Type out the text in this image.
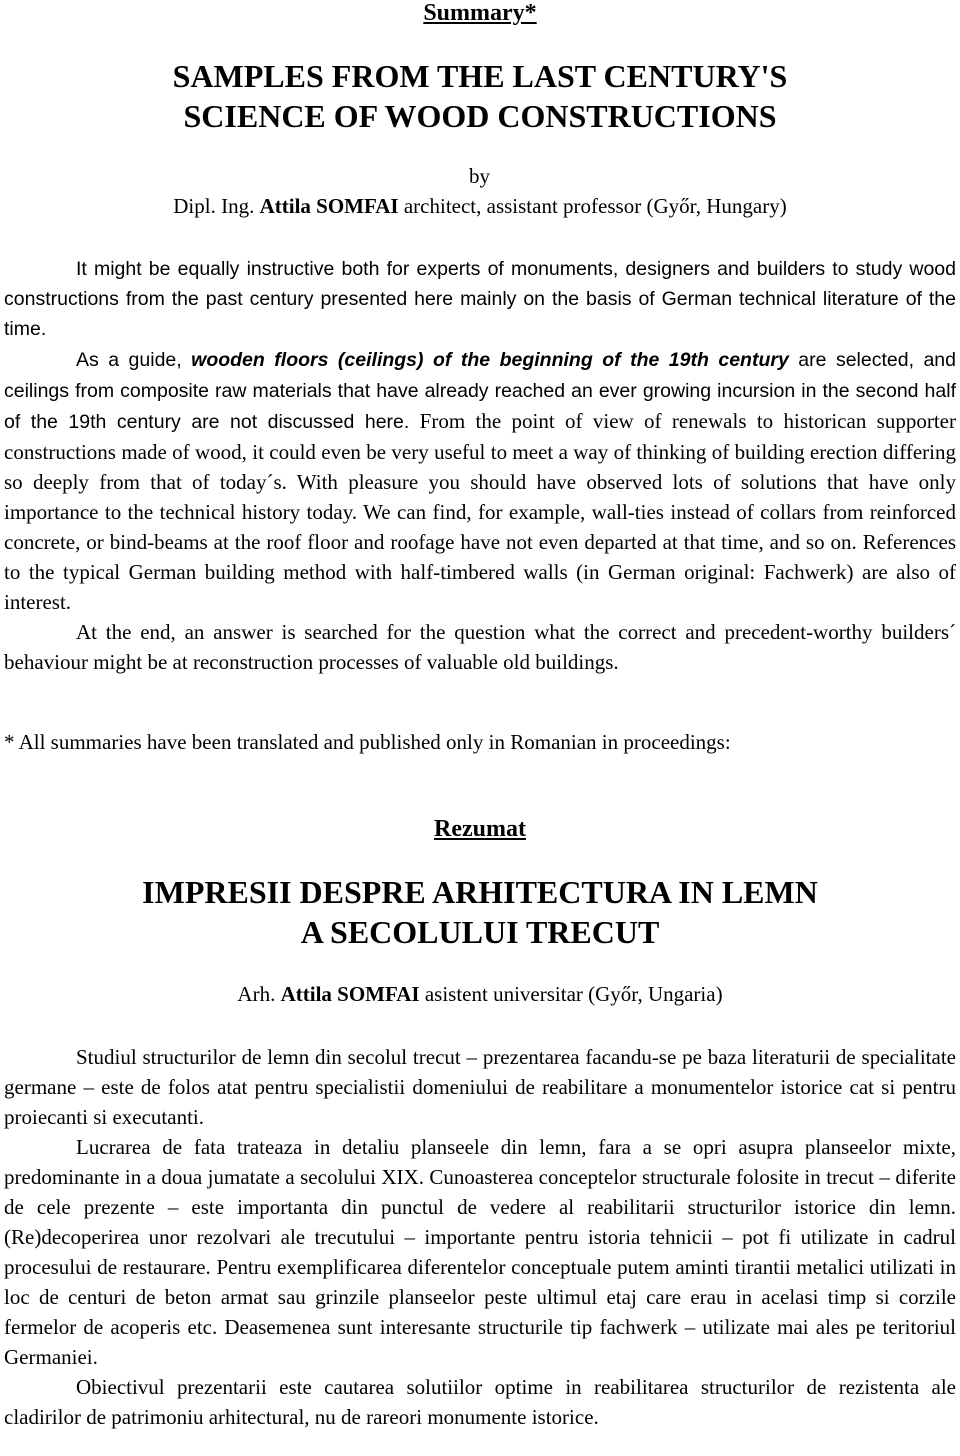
Summary*
SAMPLES FROM THE LAST CENTURY'S
SCIENCE OF WOOD CONSTRUCTIONS
by
Dipl. Ing. Attila SOMFAI architect, assistant professor (Győr, Hungary)

It might be equally instructive both for experts of monuments, designers and builders to study wood constructions from the past century presented here mainly on the basis of German technical literature of the time.

As a guide, wooden floors (ceilings) of the beginning of the 19th century are selected, and ceilings from composite raw materials that have already reached an ever growing incursion in the second half of the 19th century are not discussed here. From the point of view of renewals to historican supporter constructions made of wood, it could even be very useful to meet a way of thinking of building erection differing so deeply from that of today´s. With pleasure you should have observed lots of solutions that have only importance to the technical history today. We can find, for example, wall-ties instead of collars from reinforced concrete, or bind-beams at the roof floor and roofage have not even departed at that time, and so on. References to the typical German building method with half-timbered walls (in German original: Fachwerk) are also of interest.

At the end, an answer is searched for the question what the correct and precedent-worthy builders´ behaviour might be at reconstruction processes of valuable old buildings.

* All summaries have been translated and published only in Romanian in proceedings:
Rezumat
IMPRESII DESPRE ARHITECTURA IN LEMN
A SECOLULUI TRECUT
Arh. Attila SOMFAI asistent universitar (Győr, Ungaria)

Studiul structurilor de lemn din secolul trecut – prezentarea facandu-se pe baza literaturii de specialitate germane – este de folos atat pentru specialistii domeniului de reabilitare a monumentelor istorice cat si pentru proiecanti si executanti.

Lucrarea de fata trateaza in detaliu planseele din lemn, fara a se opri asupra planseelor mixte, predominante in a doua jumatate a secolului XIX. Cunoasterea conceptelor structurale folosite in trecut – diferite de cele prezente – este importanta din punctul de vedere al reabilitarii structurilor istorice din lemn. (Re)decoperirea unor rezolvari ale trecutului – importante pentru istoria tehnicii – pot fi utilizate in cadrul procesului de restaurare. Pentru exemplificarea diferentelor conceptuale putem aminti tirantii metalici utilizati in loc de centuri de beton armat sau grinzile planseelor peste ultimul etaj care erau in acelasi timp si corzile fermelor de acoperis etc. Deasemenea sunt interesante structurile tip fachwerk – utilizate mai ales pe teritoriul Germaniei.

Obiectivul prezentarii este cautarea solutiilor optime in reabilitarea structurilor de rezistenta ale cladirilor de patrimoniu arhitectural, nu de rareori monumente istorice.
